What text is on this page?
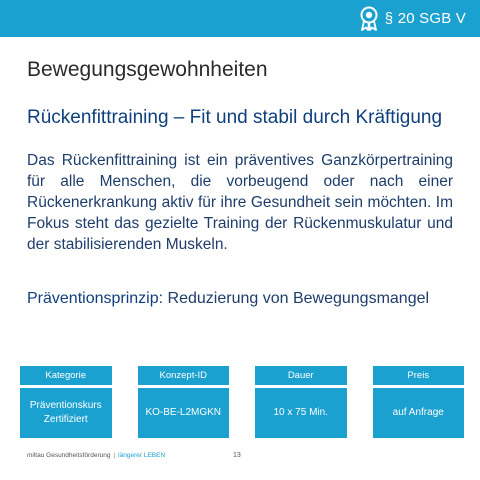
§ 20 SGB V
Bewegungsgewohnheiten
Rückenfittraining – Fit und stabil durch Kräftigung

Das Rückenfittraining ist ein präventives Ganzkörpertraining für alle Menschen, die vorbeugend oder nach einer Rückenerkrankung aktiv für ihre Gesundheit sein möchten. Im Fokus steht das gezielte Training der Rückenmuskulatur und der stabilisierenden Muskeln.

Präventionsprinzip: Reduzierung von Bewegungsmangel

Kategorie
Präventionskurs Zertifiziert
Konzept-ID
KO-BE-L2MGKN
Dauer
10 x 75 Min.
Preis
auf Anfrage
miltau Gesundheitsförderung | längerer LEBEN	13
